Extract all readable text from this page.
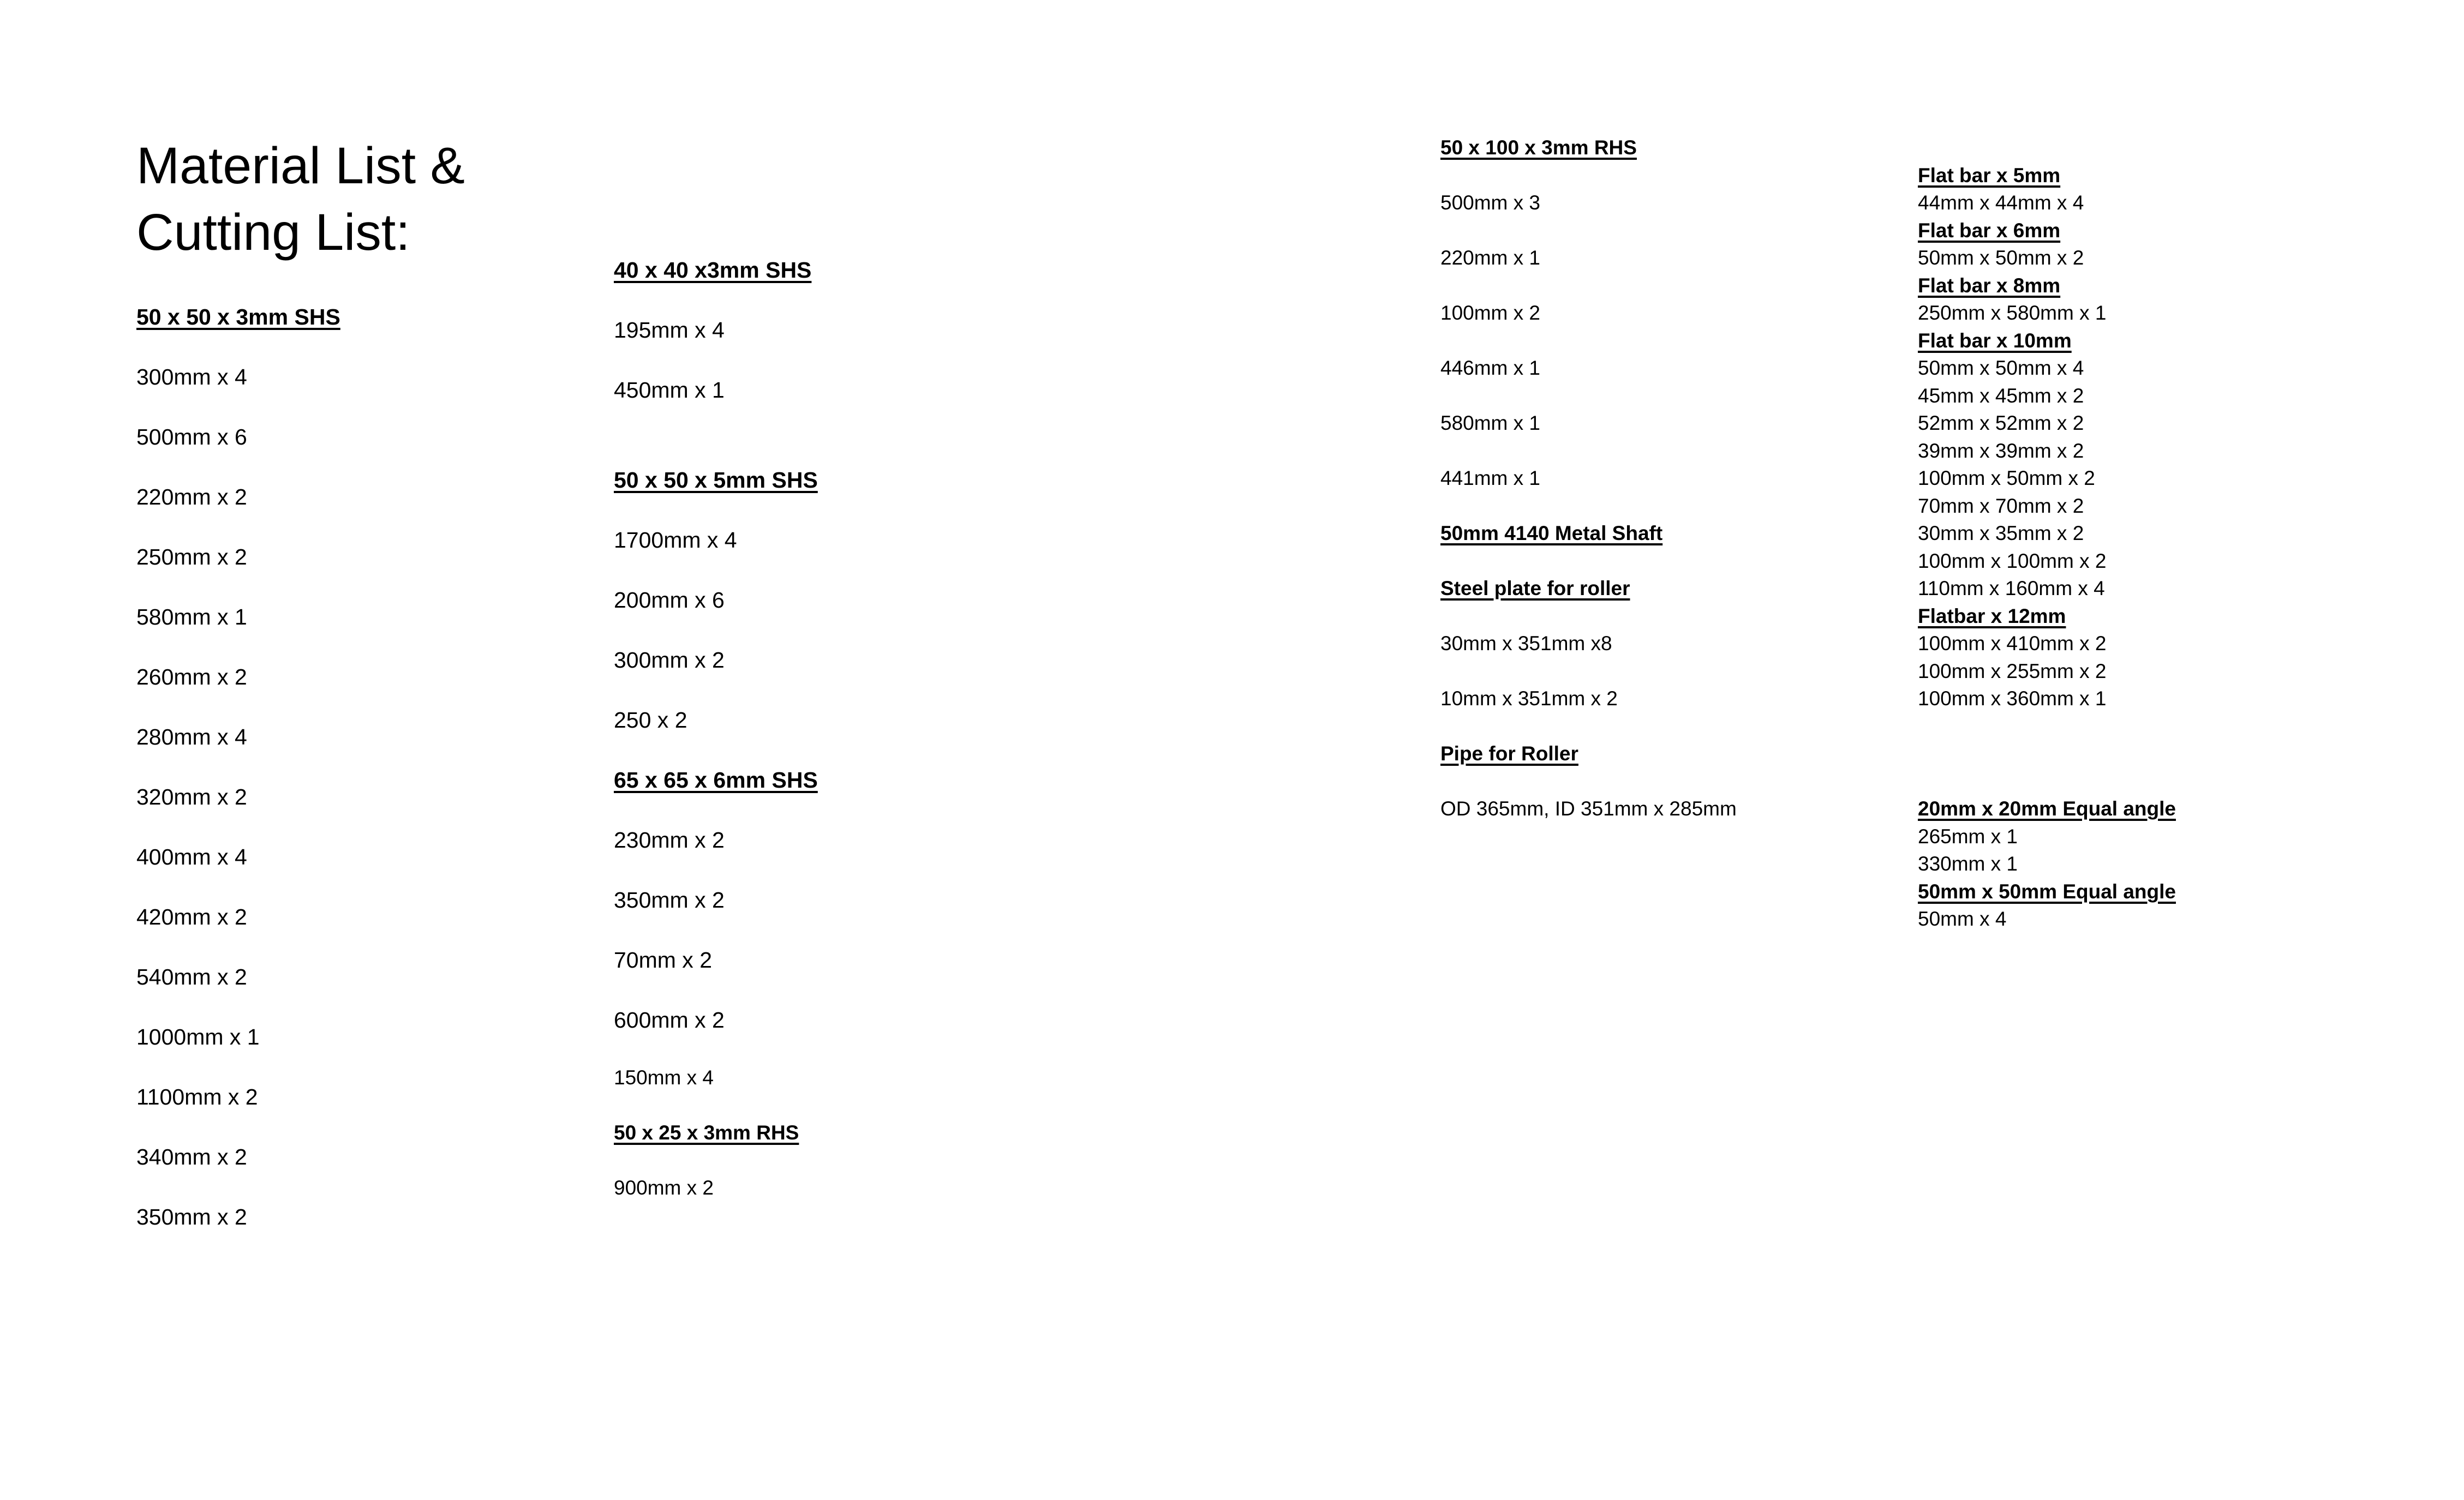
Material List &
Cutting List:
50 x 50 x 3mm SHS
300mm x 4
500mm x 6
220mm x 2
250mm x 2
580mm x 1
260mm x 2
280mm x 4
320mm x 2
400mm x 4
420mm x 2
540mm x 2
1000mm x 1
1100mm x 2
340mm x 2
350mm x 2
40 x 40 x3mm SHS
195mm x 4
450mm x 1
50 x 50 x 5mm SHS
1700mm x 4
200mm x 6
300mm x 2
250 x 2
65 x 65 x 6mm SHS
230mm x 2
350mm x 2
70mm x 2
600mm x 2
150mm x 4
50 x 25 x 3mm RHS
900mm x 2
50 x 100 x 3mm RHS
500mm x 3
220mm x 1
100mm x 2
446mm x 1
580mm x 1
441mm x 1
50mm 4140 Metal Shaft
Steel plate for roller
30mm x 351mm x8
10mm x 351mm x 2
Pipe for Roller
OD 365mm, ID 351mm x 285mm
Flat bar x 5mm
44mm x 44mm x 4
Flat bar x 6mm
50mm x 50mm x 2
Flat bar x 8mm
250mm x 580mm x 1
Flat bar x 10mm
50mm x 50mm x 4
45mm x 45mm x 2
52mm x 52mm x 2
39mm x 39mm x 2
100mm x 50mm x 2
70mm x 70mm x 2
30mm x 35mm x 2
100mm x 100mm x 2
110mm x 160mm x 4
Flatbar x 12mm
100mm x 410mm x 2
100mm x 255mm x 2
100mm x 360mm x 1
20mm x 20mm Equal angle
265mm x 1
330mm x 1
50mm x 50mm Equal angle
50mm x 4
